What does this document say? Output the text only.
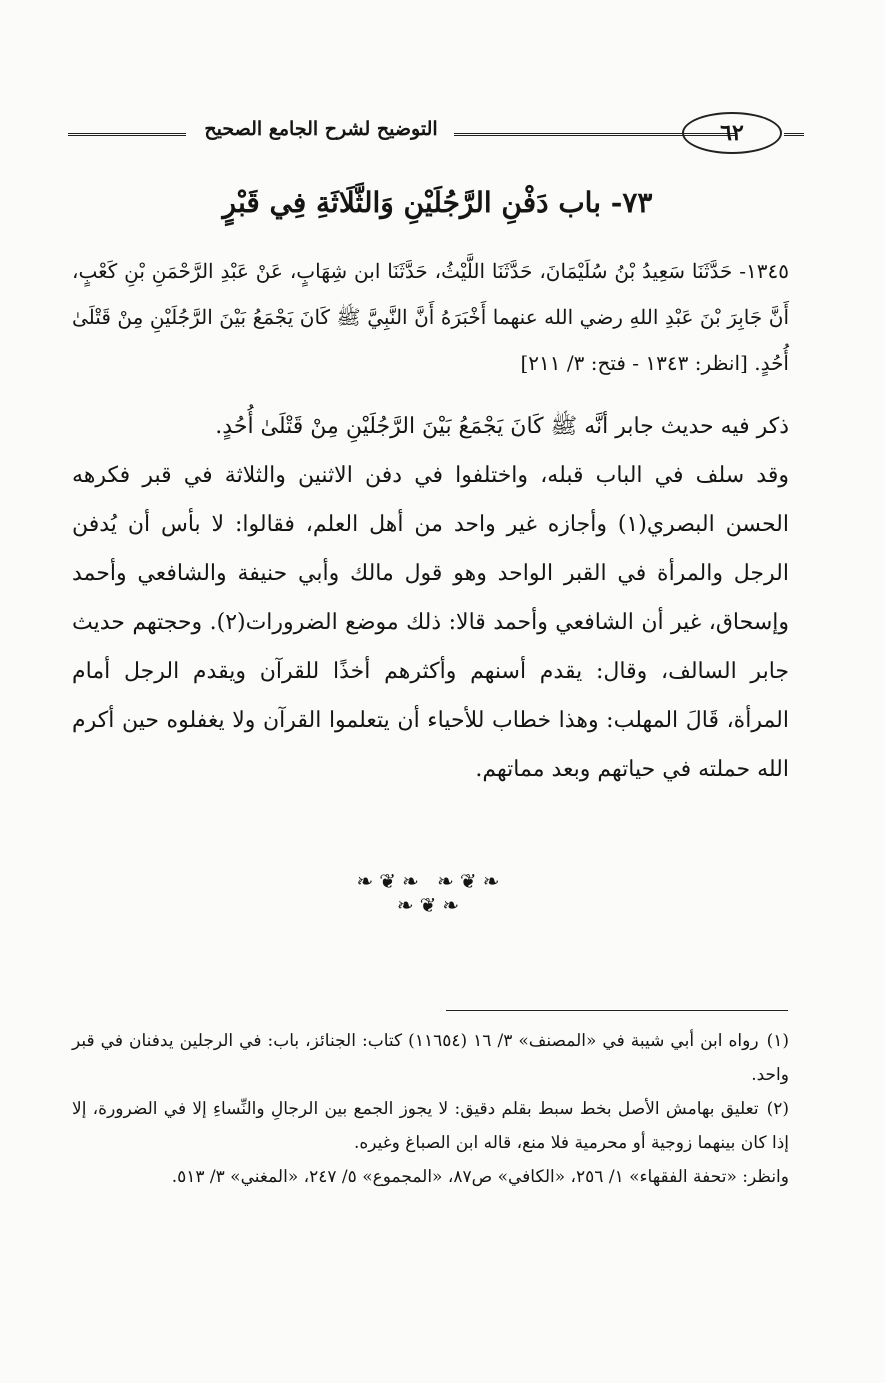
التوضيح لشرح الجامع الصحيح	٦٢
٧٣- باب دَفْنِ الرَّجُلَيْنِ وَالثَّلَاثَةِ فِي قَبْرٍ
١٣٤٥- حَدَّثَنَا سَعِيدُ بْنُ سُلَيْمَانَ، حَدَّثَنَا اللَّيْثُ، حَدَّثَنَا ابن شِهَابٍ، عَنْ عَبْدِ الرَّحْمَنِ بْنِ كَعْبٍ، أَنَّ جَابِرَ بْنَ عَبْدِ اللهِ رضي الله عنهما أَخْبَرَهُ أَنَّ النَّبِيَّ ﷺ كَانَ يَجْمَعُ بَيْنَ الرَّجُلَيْنِ مِنْ قَتْلَىٰ أُحُدٍ. [انظر: ١٣٤٣ - فتح: ٣/ ٢١١]

ذكر فيه حديث جابر أنَّه ﷺ كَانَ يَجْمَعُ بَيْنَ الرَّجُلَيْنِ مِنْ قَتْلَىٰ أُحُدٍ.

وقد سلف في الباب قبله، واختلفوا في دفن الاثنين والثلاثة في قبر فكرهه الحسن البصري(١) وأجازه غير واحد من أهل العلم، فقالوا: لا بأس أن يُدفن الرجل والمرأة في القبر الواحد وهو قول مالك وأبي حنيفة والشافعي وأحمد وإسحاق، غير أن الشافعي وأحمد قالا: ذلك موضع الضرورات(٢). وحجتهم حديث جابر السالف، وقال: يقدم أسنهم وأكثرهم أخذًا للقرآن ويقدم الرجل أمام المرأة، قَالَ المهلب: وهذا خطاب للأحياء أن يتعلموا القرآن ولا يغفلوه حين أكرم الله حملته في حياتهم وبعد مماتهم.

❧❦❧ ❧❦❧ ❧❦❧

(١)رواه ابن أبي شيبة في «المصنف» ٣/ ١٦ (١١٦٥٤) كتاب: الجنائز، باب: في الرجلين يدفنان في قبر واحد.

(٢)تعليق بهامش الأصل بخط سبط بقلم دقيق: لا يجوز الجمع بين الرجالِ والنِّساءِ إلا في الضرورة، إلا إذا كان بينهما زوجية أو محرمية فلا منع، قاله ابن الصباغ وغيره.

وانظر: «تحفة الفقهاء» ١/ ٢٥٦، «الكافي» ص٨٧، «المجموع» ٥/ ٢٤٧، «المغني» ٣/ ٥١٣.
